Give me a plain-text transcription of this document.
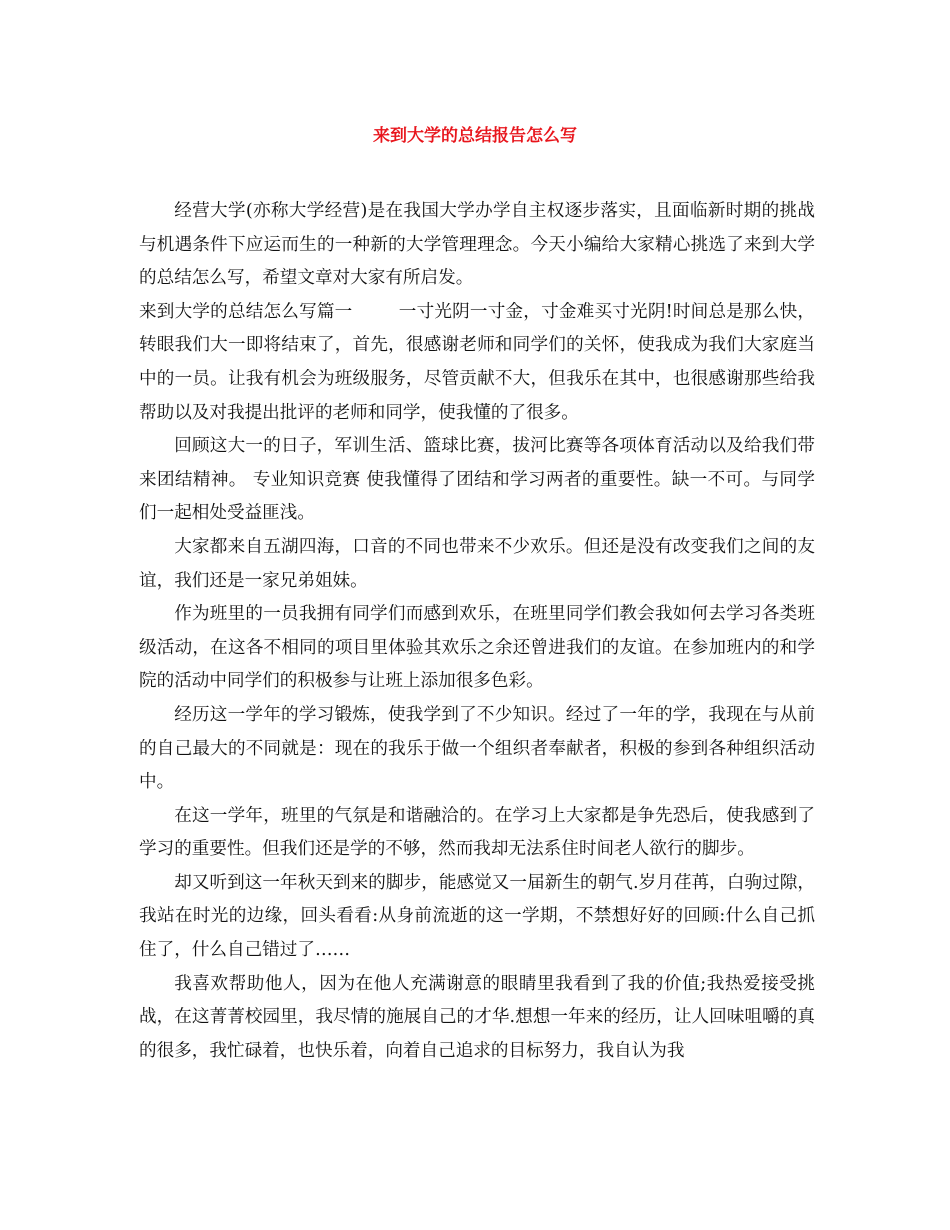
来到大学的总结报告怎么写

经营大学(亦称大学经营)是在我国大学办学自主权逐步落实，且面临新时期的挑战与机遇条件下应运而生的一种新的大学管理理念。今天小编给大家精心挑选了来到大学的总结怎么写，希望文章对大家有所启发。

来到大学的总结怎么写篇一	一寸光阴一寸金，寸金难买寸光阴!时间总是那么快，转眼我们大一即将结束了，首先，很感谢老师和同学们的关怀，使我成为我们大家庭当中的一员。让我有机会为班级服务，尽管贡献不大，但我乐在其中，也很感谢那些给我帮助以及对我提出批评的老师和同学，使我懂的了很多。

回顾这大一的日子，军训生活、篮球比赛，拔河比赛等各项体育活动以及给我们带来团结精神。 专业知识竞赛 使我懂得了团结和学习两者的重要性。缺一不可。与同学们一起相处受益匪浅。

大家都来自五湖四海，口音的不同也带来不少欢乐。但还是没有改变我们之间的友谊，我们还是一家兄弟姐妹。

作为班里的一员我拥有同学们而感到欢乐，在班里同学们教会我如何去学习各类班级活动，在这各不相同的项目里体验其欢乐之余还曾进我们的友谊。在参加班内的和学院的活动中同学们的积极参与让班上添加很多色彩。

经历这一学年的学习锻炼，使我学到了不少知识。经过了一年的学，我现在与从前的自己最大的不同就是：现在的我乐于做一个组织者奉献者，积极的参到各种组织活动中。

在这一学年，班里的气氛是和谐融洽的。在学习上大家都是争先恐后，使我感到了学习的重要性。但我们还是学的不够，然而我却无法系住时间老人欲行的脚步。

却又听到这一年秋天到来的脚步，能感觉又一届新生的朝气.岁月荏苒，白驹过隙，我站在时光的边缘，回头看看:从身前流逝的这一学期，不禁想好好的回顾:什么自己抓住了，什么自己错过了……

我喜欢帮助他人，因为在他人充满谢意的眼睛里我看到了我的价值;我热爱接受挑战，在这菁菁校园里，我尽情的施展自己的才华.想想一年来的经历，让人回味咀嚼的真的很多，我忙碌着，也快乐着，向着自己追求的目标努力，我自认为我
